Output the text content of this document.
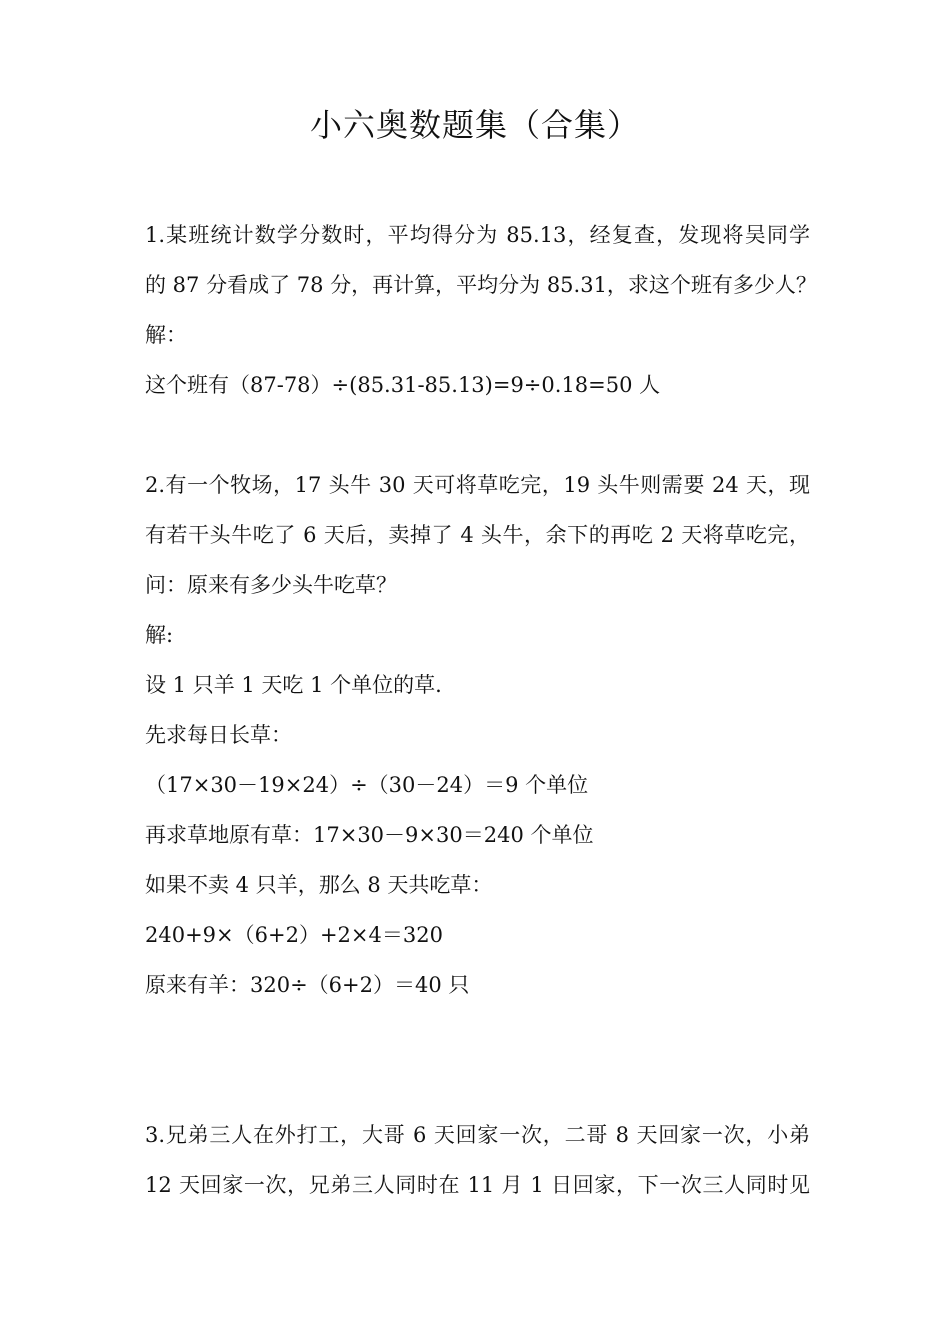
小六奥数题集（合集）
1.某班统计数学分数时，平均得分为 85.13，经复查，发现将吴同学
的 87 分看成了 78 分，再计算，平均分为 85.31，求这个班有多少人？
解：
这个班有（87-78）÷(85.31-85.13)=9÷0.18=50 人
2.有一个牧场，17 头牛 30 天可将草吃完，19 头牛则需要 24 天，现
有若干头牛吃了 6 天后，卖掉了 4 头牛，余下的再吃 2 天将草吃完，
问：原来有多少头牛吃草？
解:
设 1 只羊 1 天吃 1 个单位的草.
先求每日长草：
（17×30－19×24）÷（30－24）＝9 个单位
再求草地原有草：17×30－9×30＝240 个单位
如果不卖 4 只羊，那么 8 天共吃草：
240+9×（6+2）+2×4＝320
原来有羊：320÷（6+2）＝40 只
3.兄弟三人在外打工，大哥 6 天回家一次，二哥 8 天回家一次，小弟
12 天回家一次，兄弟三人同时在 11 月 1 日回家，下一次三人同时见
